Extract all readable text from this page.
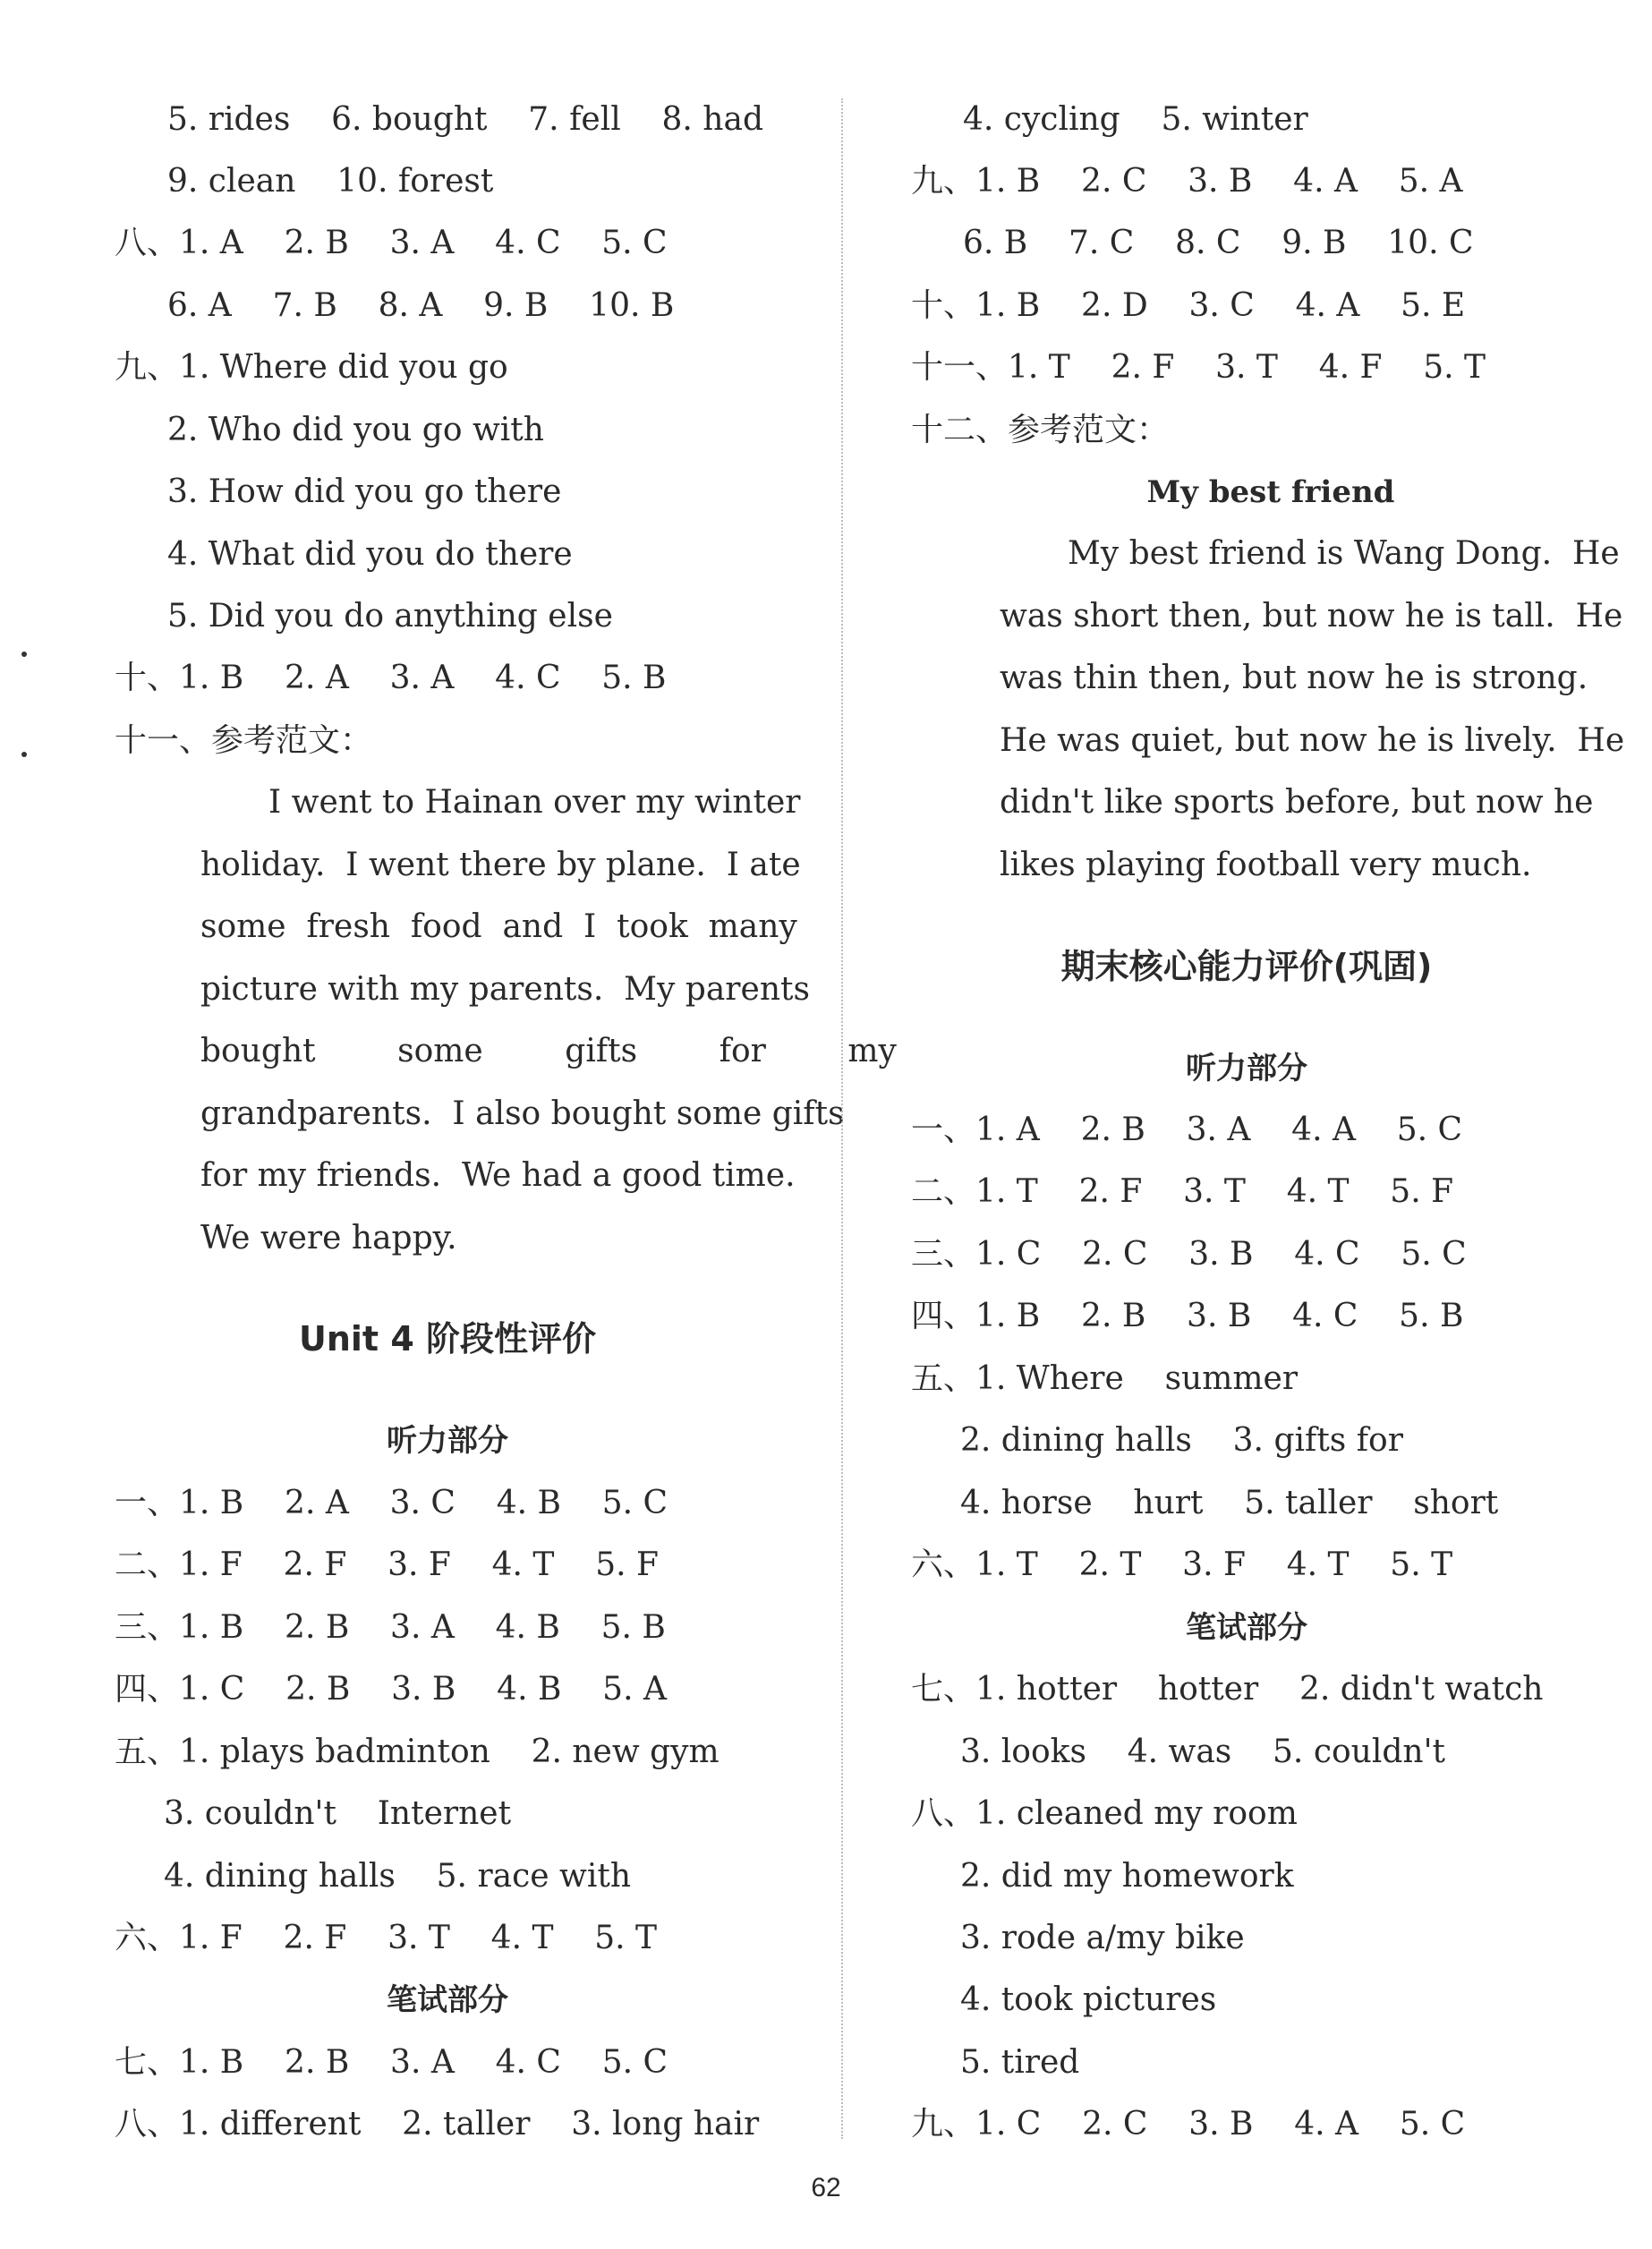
5. rides    6. bought    7. fell    8. had
9. clean    10. forest
八、1. A    2. B    3. A    4. C    5. C
6. A    7. B    8. A    9. B    10. B
九、1. Where did you go
2. Who did you go with
3. How did you go there
4. What did you do there
5. Did you do anything else
十、1. B    2. A    3. A    4. C    5. B
十一、参考范文：
I went to Hainan over my winter
holiday.  I went there by plane.  I ate
some  fresh  food  and  I  took  many
picture with my parents.  My parents
bought        some        gifts        for        my
grandparents.  I also bought some gifts
for my friends.  We had a good time.
We were happy.
Unit 4 阶段性评价
听力部分
一、1. B    2. A    3. C    4. B    5. C
二、1. F    2. F    3. F    4. T    5. F
三、1. B    2. B    3. A    4. B    5. B
四、1. C    2. B    3. B    4. B    5. A
五、1. plays badminton    2. new gym
3. couldn't    Internet
4. dining halls    5. race with
六、1. F    2. F    3. T    4. T    5. T
笔试部分
七、1. B    2. B    3. A    4. C    5. C
八、1. different    2. taller    3. long hair
4. cycling    5. winter
九、1. B    2. C    3. B    4. A    5. A
6. B    7. C    8. C    9. B    10. C
十、1. B    2. D    3. C    4. A    5. E
十一、1. T    2. F    3. T    4. F    5. T
十二、参考范文：
My best friend
My best friend is Wang Dong.  He
was short then, but now he is tall.  He
was thin then, but now he is strong.
He was quiet, but now he is lively.  He
didn't like sports before, but now he
likes playing football very much.
期末核心能力评价(巩固)
听力部分
一、1. A    2. B    3. A    4. A    5. C
二、1. T    2. F    3. T    4. T    5. F
三、1. C    2. C    3. B    4. C    5. C
四、1. B    2. B    3. B    4. C    5. B
五、1. Where    summer
2. dining halls    3. gifts for
4. horse    hurt    5. taller    short
六、1. T    2. T    3. F    4. T    5. T
笔试部分
七、1. hotter    hotter    2. didn't watch
3. looks    4. was    5. couldn't
八、1. cleaned my room
2. did my homework
3. rode a/my bike
4. took pictures
5. tired
九、1. C    2. C    3. B    4. A    5. C
62
